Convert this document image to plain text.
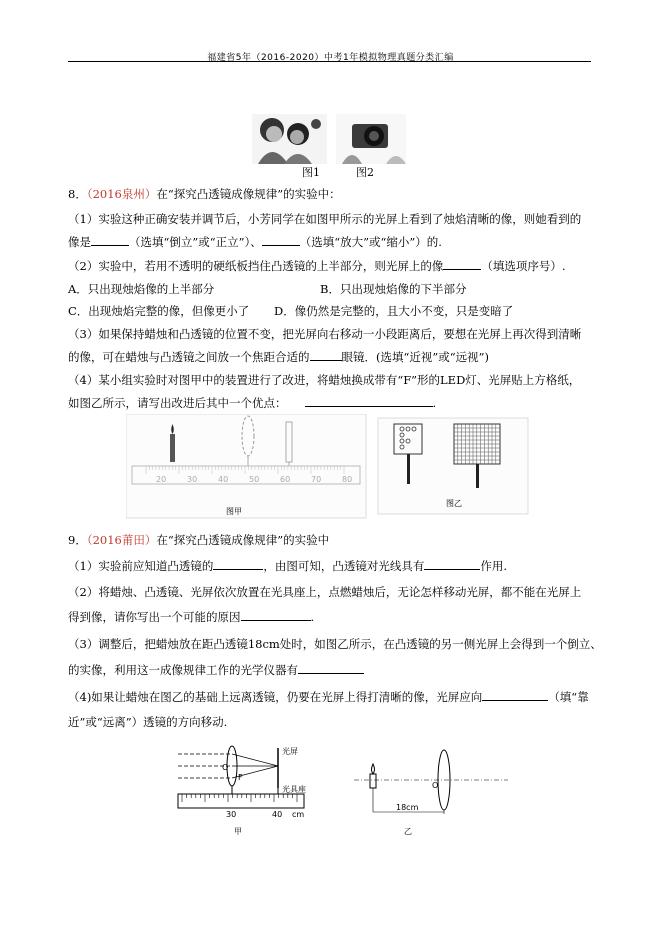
福建省5年（2016-2020）中考1年模拟物理真题分类汇编
图1	图2
8．（2016泉州）在“探究凸透镜成像规律”的实验中：
（1）实验这种正确安装并调节后，小芳同学在如图甲所示的光屏上看到了烛焰清晰的像，则她看到的
像是	（选填“倒立”或“正立”）、	（选填“放大”或“缩小”）的.
（2）实验中，若用不透明的硬纸板挡住凸透镜的上半部分，则光屏上的像	（填选项序号）.
A．只出现烛焰像的上半部分	B．只出现烛焰像的下半部分
C．出现烛焰完整的像，但像更小了 D．像仍然是完整的，且大小不变，只是变暗了
（3）如果保持蜡烛和凸透镜的位置不变，把光屏向右移动一小段距离后，要想在光屏上再次得到清晰
的像，可在蜡烛与凸透镜之间放一个焦距合适的	眼镜．(选填“近视”或“远视”)
（4）某小组实验时对图甲中的装置进行了改进，将蜡烛换成带有“F”形的LED灯、光屏贴上方格纸，
如图乙所示，请写出改进后其中一个优点：	.
20	30	40	50	60	70	80
图甲
图乙
9．（2016莆田）在“探究凸透镜成像规律”的实验中
（1）实验前应知道凸透镜的	，由图可知，凸透镜对光线具有	作用.
（2）将蜡烛、凸透镜、光屏依次放置在光具座上，点燃蜡烛后，无论怎样移动光屏，都不能在光屏上
得到像，请你写出一个可能的原因	.
（3）调整后，把蜡烛放在距凸透镜18cm处时，如图乙所示，在凸透镜的另一侧光屏上会得到一个倒立、
的实像，利用这一成像规律工作的光学仪器有
（4)如果让蜡烛在图乙的基础上远离透镜，仍要在光屏上得打清晰的像，光屏应向	（填“靠
近”或“远离”）透镜的方向移动.
光屏
O
F
光具座
30	40 cm
甲
O
18cm
乙
